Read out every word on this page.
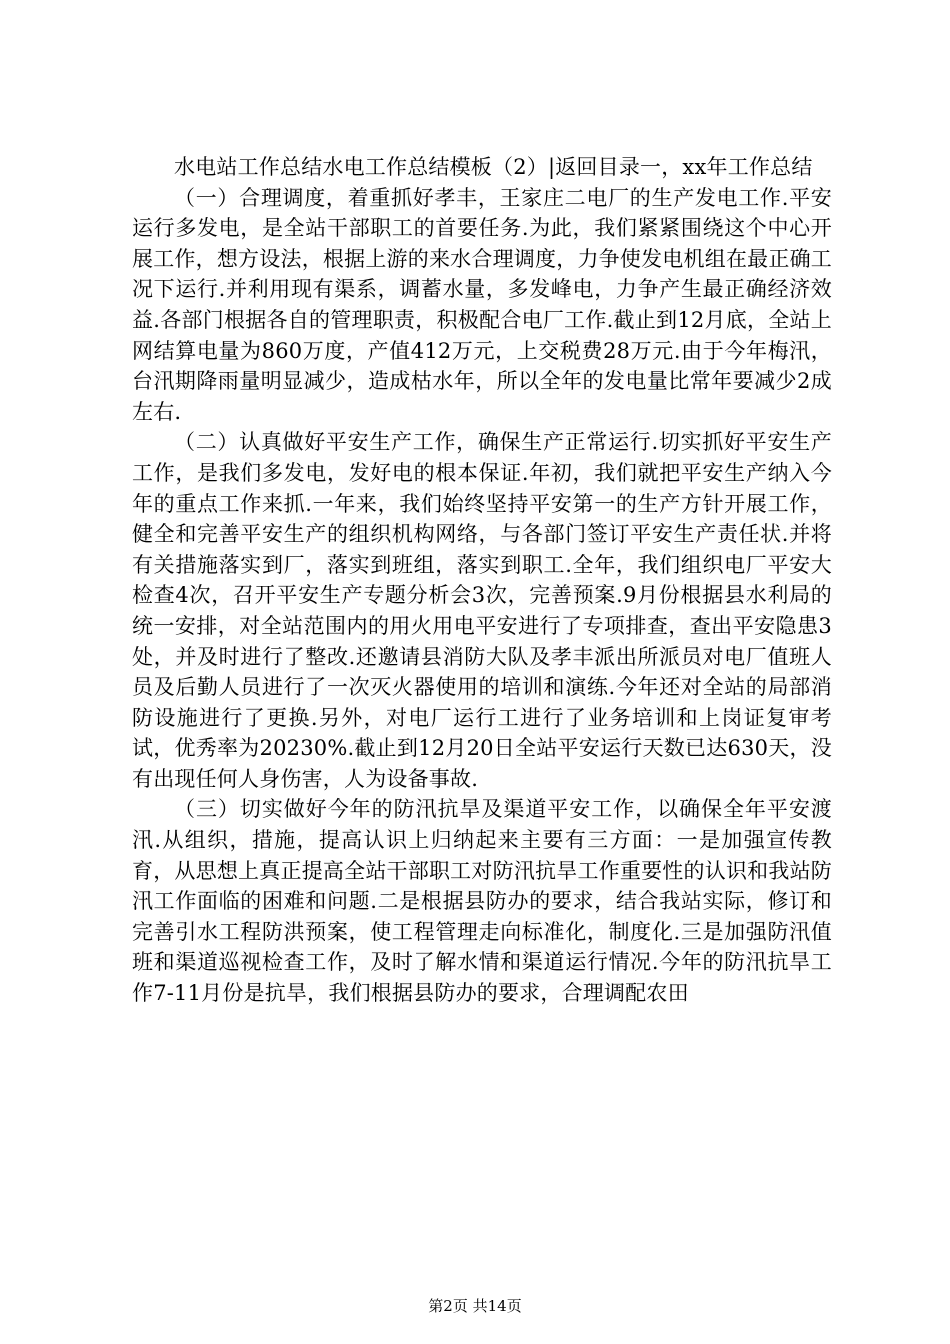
水电站工作总结水电工作总结模板（2）|返回目录一，xx年工作总结

（一）合理调度，着重抓好孝丰，王家庄二电厂的生产发电工作.平安运行多发电，是全站干部职工的首要任务.为此，我们紧紧围绕这个中心开展工作，想方设法，根据上游的来水合理调度，力争使发电机组在最正确工况下运行.并利用现有渠系，调蓄水量，多发峰电，力争产生最正确经济效益.各部门根据各自的管理职责，积极配合电厂工作.截止到12月底，全站上网结算电量为860万度，产值412万元，上交税费28万元.由于今年梅汛，台汛期降雨量明显减少，造成枯水年，所以全年的发电量比常年要减少2成左右.

（二）认真做好平安生产工作，确保生产正常运行.切实抓好平安生产工作，是我们多发电，发好电的根本保证.年初，我们就把平安生产纳入今年的重点工作来抓.一年来，我们始终坚持平安第一的生产方针开展工作，健全和完善平安生产的组织机构网络，与各部门签订平安生产责任状.并将有关措施落实到厂，落实到班组，落实到职工.全年，我们组织电厂平安大检查4次，召开平安生产专题分析会3次，完善预案.9月份根据县水利局的统一安排，对全站范围内的用火用电平安进行了专项排查，查出平安隐患3处，并及时进行了整改.还邀请县消防大队及孝丰派出所派员对电厂值班人员及后勤人员进行了一次灭火器使用的培训和演练.今年还对全站的局部消防设施进行了更换.另外，对电厂运行工进行了业务培训和上岗证复审考试，优秀率为20230%.截止到12月20日全站平安运行天数已达630天，没有出现任何人身伤害，人为设备事故.

（三）切实做好今年的防汛抗旱及渠道平安工作，以确保全年平安渡汛.从组织，措施，提高认识上归纳起来主要有三方面：一是加强宣传教育，从思想上真正提高全站干部职工对防汛抗旱工作重要性的认识和我站防汛工作面临的困难和问题.二是根据县防办的要求，结合我站实际，修订和完善引水工程防洪预案，使工程管理走向标准化，制度化.三是加强防汛值班和渠道巡视检查工作，及时了解水情和渠道运行情况.今年的防汛抗旱工作7-11月份是抗旱，我们根据县防办的要求，合理调配农田

第2页 共14页
